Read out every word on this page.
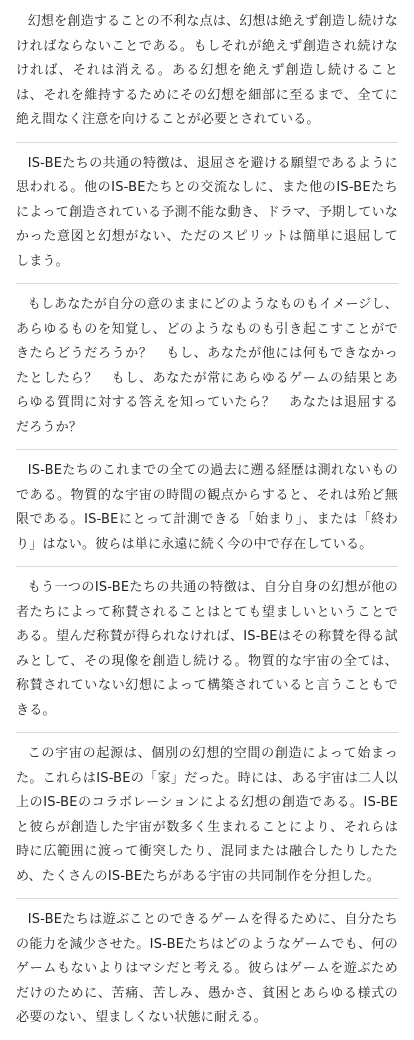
幻想を創造することの不利な点は、幻想は絶えず創造し続けなければならないことである。もしそれが絶えず創造され続けなければ、それは消える。ある幻想を絶えず創造し続けることは、それを維持するためにその幻想を細部に至るまで、全てに絶え間なく注意を向けることが必要とされている。

IS-BEたちの共通の特徴は、退屈さを避ける願望であるように思われる。他のIS-BEたちとの交流なしに、また他のIS-BEたちによって創造されている予測不能な動き、ドラマ、予期していなかった意図と幻想がない、ただのスピリットは簡単に退屈してしまう。

もしあなたが自分の意のままにどのようなものもイメージし、あらゆるものを知覚し、どのようなものも引き起こすことができたらどうだろうか？　もし、あなたが他には何もできなかったとしたら？　もし、あなたが常にあらゆるゲームの結果とあらゆる質問に対する答えを知っていたら？　あなたは退屈するだろうか？

IS-BEたちのこれまでの全ての過去に遡る経歴は測れないものである。物質的な宇宙の時間の観点からすると、それは殆ど無限である。IS-BEにとって計測できる「始まり」、または「終わり」はない。彼らは単に永遠に続く今の中で存在している。

もう一つのIS-BEたちの共通の特徴は、自分自身の幻想が他の者たちによって称賛されることはとても望ましいということである。望んだ称賛が得られなければ、IS-BEはその称賛を得る試みとして、その現像を創造し続ける。物質的な宇宙の全ては、称賛されていない幻想によって構築されていると言うこともできる。

この宇宙の起源は、個別の幻想的空間の創造によって始まった。これらはIS-BEの「家」だった。時には、ある宇宙は二人以上のIS-BEのコラボレーションによる幻想の創造である。IS-BEと彼らが創造した宇宙が数多く生まれることにより、それらは時に広範囲に渡って衝突したり、混同または融合したりしたため、たくさんのIS-BEたちがある宇宙の共同制作を分担した。

IS-BEたちは遊ぶことのできるゲームを得るために、自分たちの能力を減少させた。IS-BEたちはどのようなゲームでも、何のゲームもないよりはマシだと考える。彼らはゲームを遊ぶためだけのために、苦痛、苦しみ、愚かさ、貧困とあらゆる様式の必要のない、望ましくない状態に耐える。
